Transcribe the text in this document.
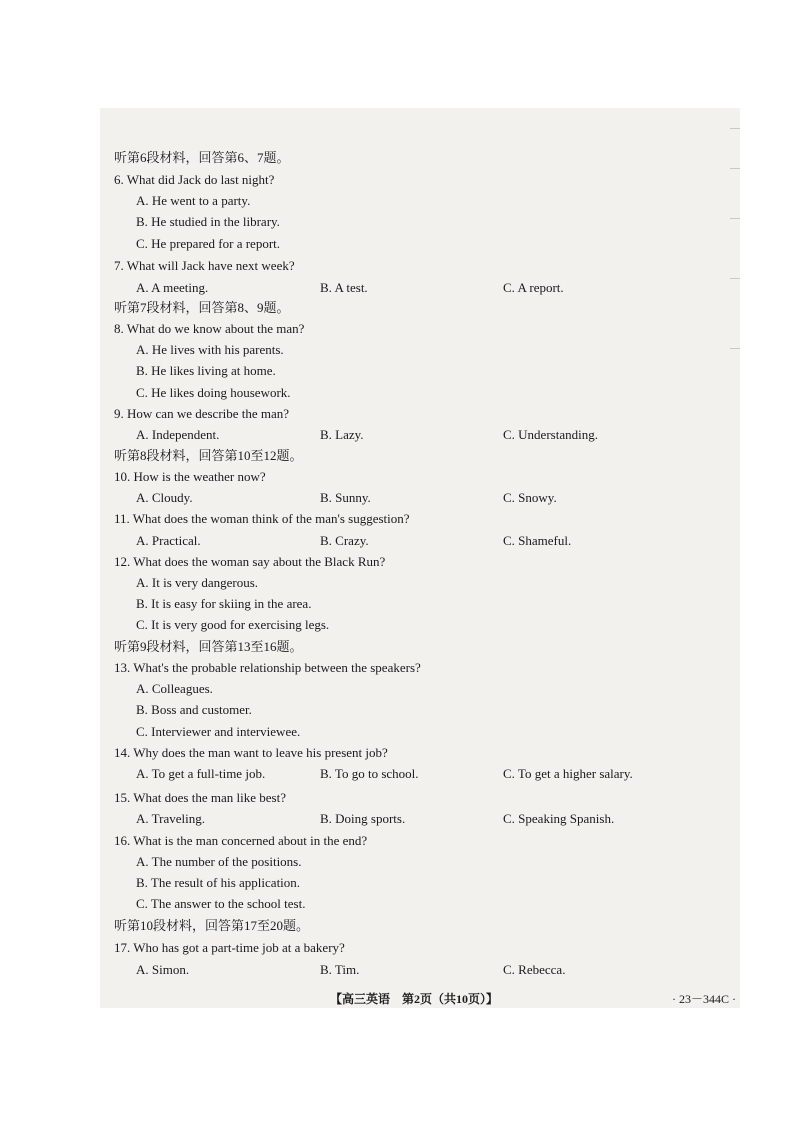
听第6段材料，回答第6、7题。
6. What did Jack do last night?
A. He went to a party.
B. He studied in the library.
C. He prepared for a report.
7. What will Jack have next week?
A. A meeting.	B. A test.	C. A report.
听第7段材料，回答第8、9题。
8. What do we know about the man?
A. He lives with his parents.
B. He likes living at home.
C. He likes doing housework.
9. How can we describe the man?
A. Independent.	B. Lazy.	C. Understanding.
听第8段材料，回答第10至12题。
10. How is the weather now?
A. Cloudy.	B. Sunny.	C. Snowy.
11. What does the woman think of the man's suggestion?
A. Practical.	B. Crazy.	C. Shameful.
12. What does the woman say about the Black Run?
A. It is very dangerous.
B. It is easy for skiing in the area.
C. It is very good for exercising legs.
听第9段材料，回答第13至16题。
13. What's the probable relationship between the speakers?
A. Colleagues.
B. Boss and customer.
C. Interviewer and interviewee.
14. Why does the man want to leave his present job?
A. To get a full-time job.	B. To go to school.	C. To get a higher salary.
15. What does the man like best?
A. Traveling.	B. Doing sports.	C. Speaking Spanish.
16. What is the man concerned about in the end?
A. The number of the positions.
B. The result of his application.
C. The answer to the school test.
听第10段材料，回答第17至20题。
17. Who has got a part-time job at a bakery?
A. Simon.	B. Tim.	C. Rebecca.
【高三英语　第2页（共10页）】	· 23－344C ·
